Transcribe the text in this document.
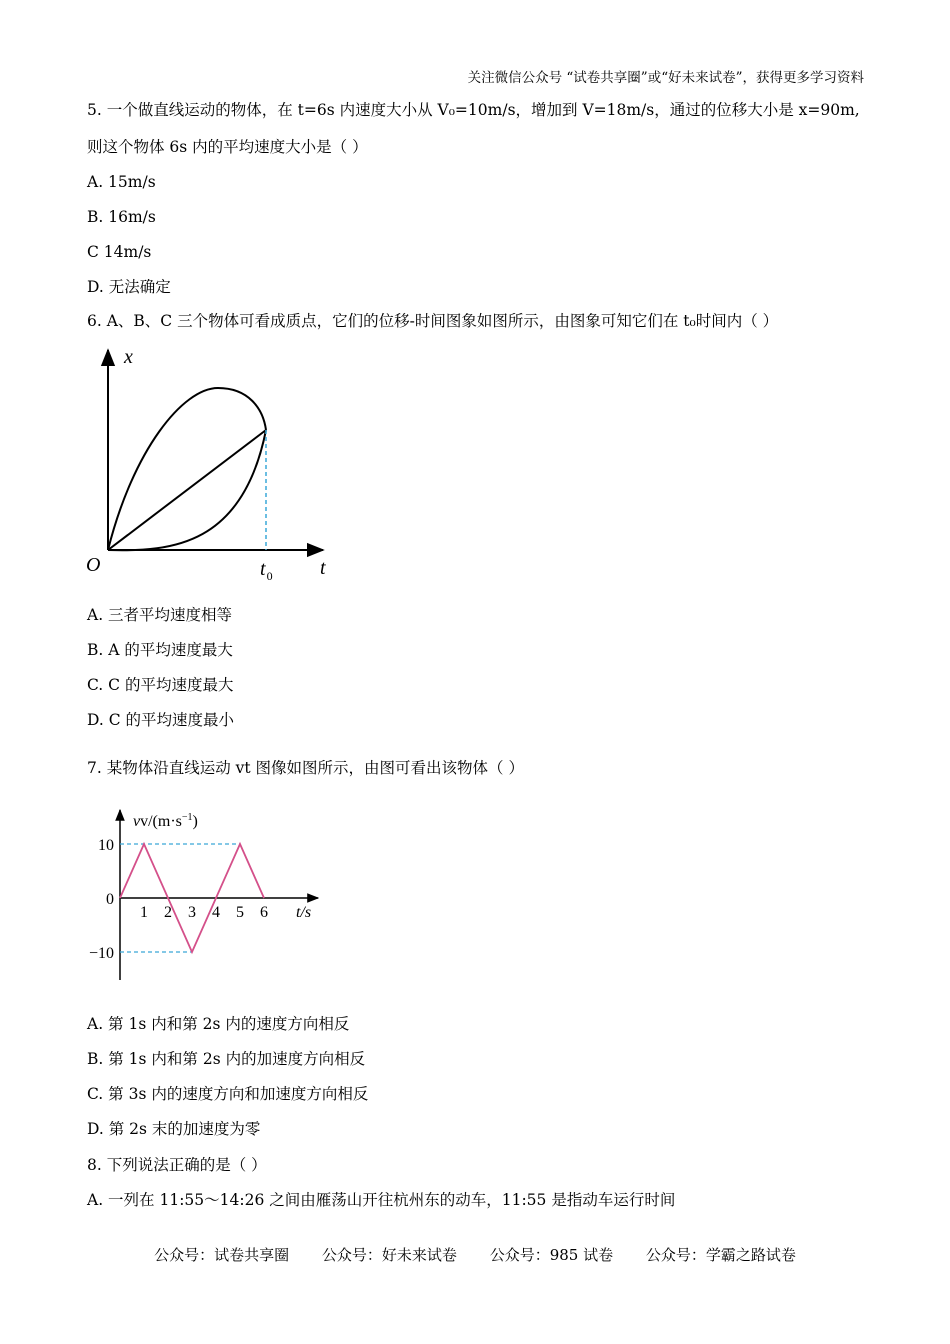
关注微信公众号 “试卷共享圈”或“好未来试卷”，获得更多学习资料
5. 一个做直线运动的物体，在 t=6s 内速度大小从 V₀=10m/s，增加到 V=18m/s，通过的位移大小是 x=90m,
则这个物体 6s 内的平均速度大小是（ ）
A. 15m/s
B. 16m/s
C 14m/s
D. 无法确定
6. A、B、C 三个物体可看成质点，它们的位移-时间图象如图所示，由图象可知它们在 t₀时间内（ ）
x
O	$t_0$ t
A. 三者平均速度相等
B. A 的平均速度最大
C. C 的平均速度最大
D. C 的平均速度最小
7. 某物体沿直线运动 vt 图像如图所示，由图可看出该物体（ ）
1 2 3 4 5 6
10
0
−10
$vv/(m\cdot s^{-1})$
t/s
A. 第 1s 内和第 2s 内的速度方向相反
B. 第 1s 内和第 2s 内的加速度方向相反
C. 第 3s 内的速度方向和加速度方向相反
D. 第 2s 末的加速度为零
8. 下列说法正确的是（ ）
A. 一列在 11:55～14:26 之间由雁荡山开往杭州东的动车，11:55 是指动车运行时间
公众号：试卷共享圈 公众号：好未来试卷 公众号：985 试卷 公众号：学霸之路试卷
